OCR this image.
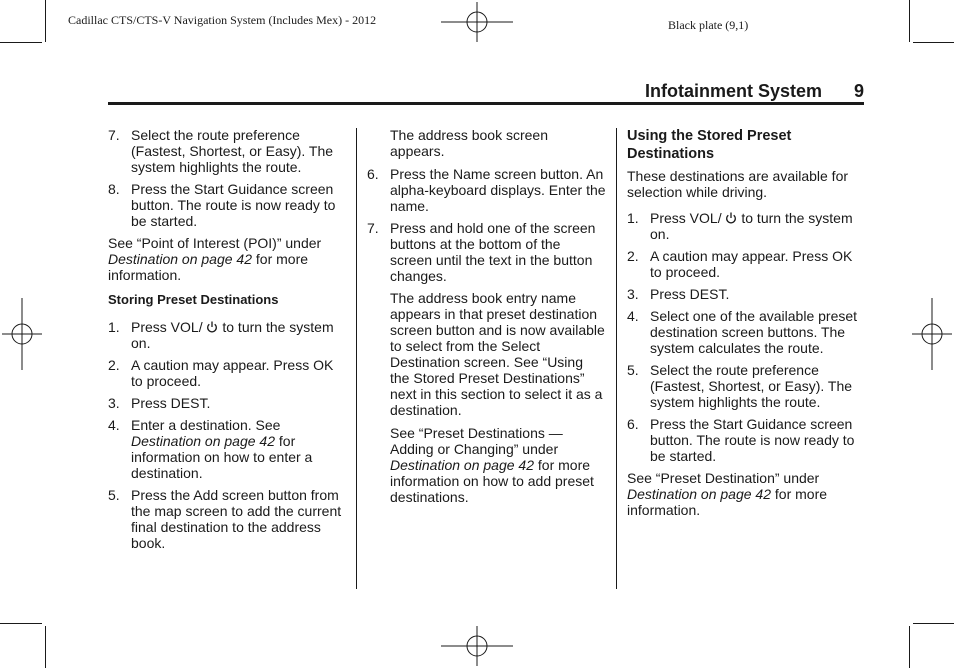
Cadillac CTS/CTS-V Navigation System (Includes Mex) - 2012	Black plate (9,1)
Infotainment System 9
7. Select the route preference (Fastest, Shortest, or Easy). The system highlights the route.
8. Press the Start Guidance screen button. The route is now ready to be started.
See “Point of Interest (POI)” under
Destination on page 42 for more information.
Storing Preset Destinations
1. Press VOL/  to turn the system on.
2. A caution may appear. Press OK to proceed.
3. Press DEST.
4. Enter a destination. See Destination on page 42 for information on how to enter a destination.
5. Press the Add screen button from the map screen to add the current final destination to the address book.
The address book screen appears.
6. Press the Name screen button. An alpha-keyboard displays. Enter the name.
7. Press and hold one of the screen buttons at the bottom of the screen until the text in the button changes.
The address book entry name appears in that preset destination screen button and is now available to select from the Select Destination screen. See “Using the Stored Preset Destinations” next in this section to select it as a destination.
See “Preset Destinations — Adding or Changing” under Destination on page 42 for more information on how to add preset destinations.
Using the Stored Preset Destinations
These destinations are available for selection while driving.
1. Press VOL/  to turn the system on.
2. A caution may appear. Press OK to proceed.
3. Press DEST.
4. Select one of the available preset destination screen buttons. The system calculates the route.
5. Select the route preference (Fastest, Shortest, or Easy). The system highlights the route.
6. Press the Start Guidance screen button. The route is now ready to be started.
See “Preset Destination” under Destination on page 42 for more information.
